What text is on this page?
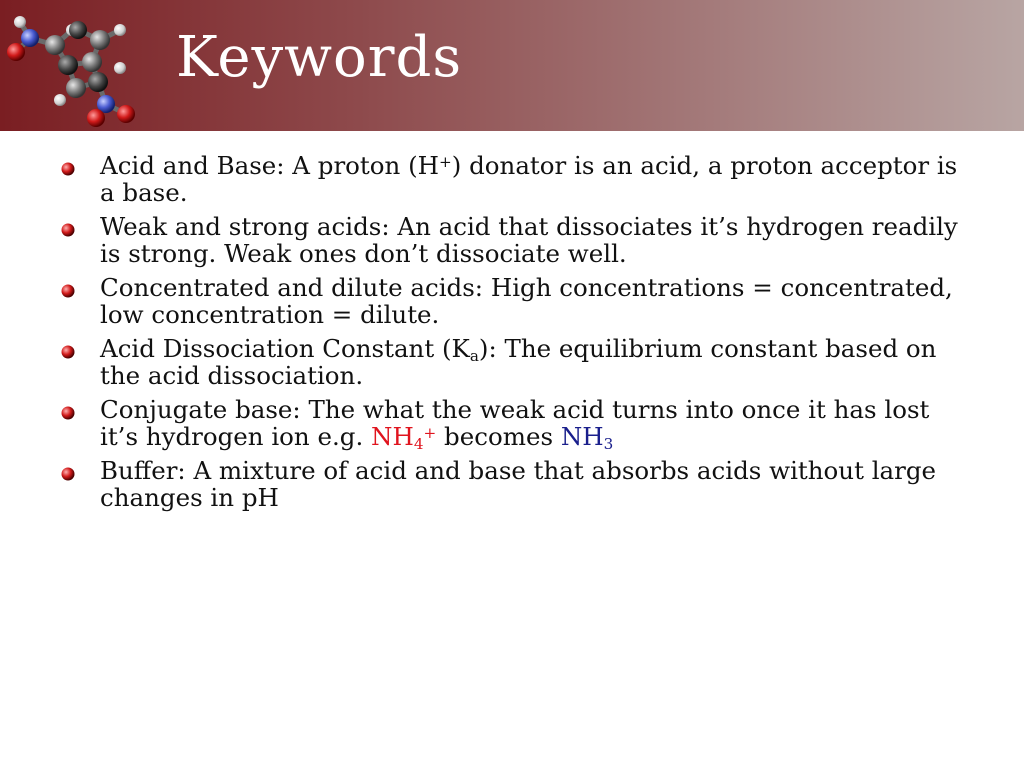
Keywords
Acid and Base: A proton (H+) donator is an acid, a proton acceptor is a base.
Weak and strong acids: An acid that dissociates it’s hydrogen readily is strong. Weak ones don’t dissociate well.
Concentrated and dilute acids: High concentrations = concentrated, low concentration = dilute.
Acid Dissociation Constant $(K_a)$: The equilibrium constant based on the acid dissociation.
Conjugate base: The what the weak acid turns into once it has lost it’s hydrogen ion e.g. $NH_4^+$ becomes $NH_3$
Buffer: A mixture of acid and base that absorbs acids without large changes in pH
